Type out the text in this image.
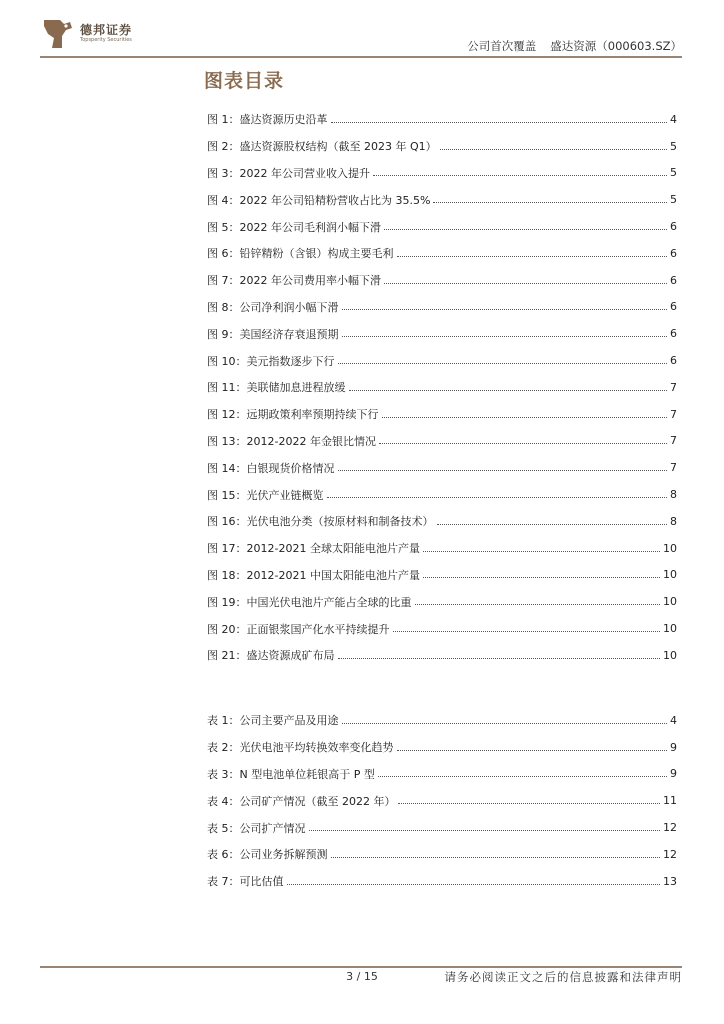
德邦证券
Topsperity Securities	公司首次覆盖 盛达资源（000603.SZ）
图表目录
图 1：盛达资源历史沿革	4
图 2：盛达资源股权结构（截至 2023 年 Q1）	5
图 3：2022 年公司营业收入提升	5
图 4：2022 年公司铅精粉营收占比为 35.5%	5
图 5：2022 年公司毛利润小幅下滑	6
图 6：铅锌精粉（含银）构成主要毛利	6
图 7：2022 年公司费用率小幅下滑	6
图 8：公司净利润小幅下滑	6
图 9：美国经济存衰退预期	6
图 10：美元指数逐步下行	6
图 11：美联储加息进程放缓	7
图 12：远期政策利率预期持续下行	7
图 13：2012-2022 年金银比情况	7
图 14：白银现货价格情况	7
图 15：光伏产业链概览	8
图 16：光伏电池分类（按原材料和制备技术）	8
图 17：2012-2021 全球太阳能电池片产量	10
图 18：2012-2021 中国太阳能电池片产量	10
图 19：中国光伏电池片产能占全球的比重	10
图 20：正面银浆国产化水平持续提升	10
图 21：盛达资源成矿布局	10
表 1：公司主要产品及用途	4
表 2：光伏电池平均转换效率变化趋势	9
表 3：N 型电池单位耗银高于 P 型	9
表 4：公司矿产情况（截至 2022 年）	11
表 5：公司扩产情况	12
表 6：公司业务拆解预测	12
表 7：可比估值	13
3 / 15	请务必阅读正文之后的信息披露和法律声明
